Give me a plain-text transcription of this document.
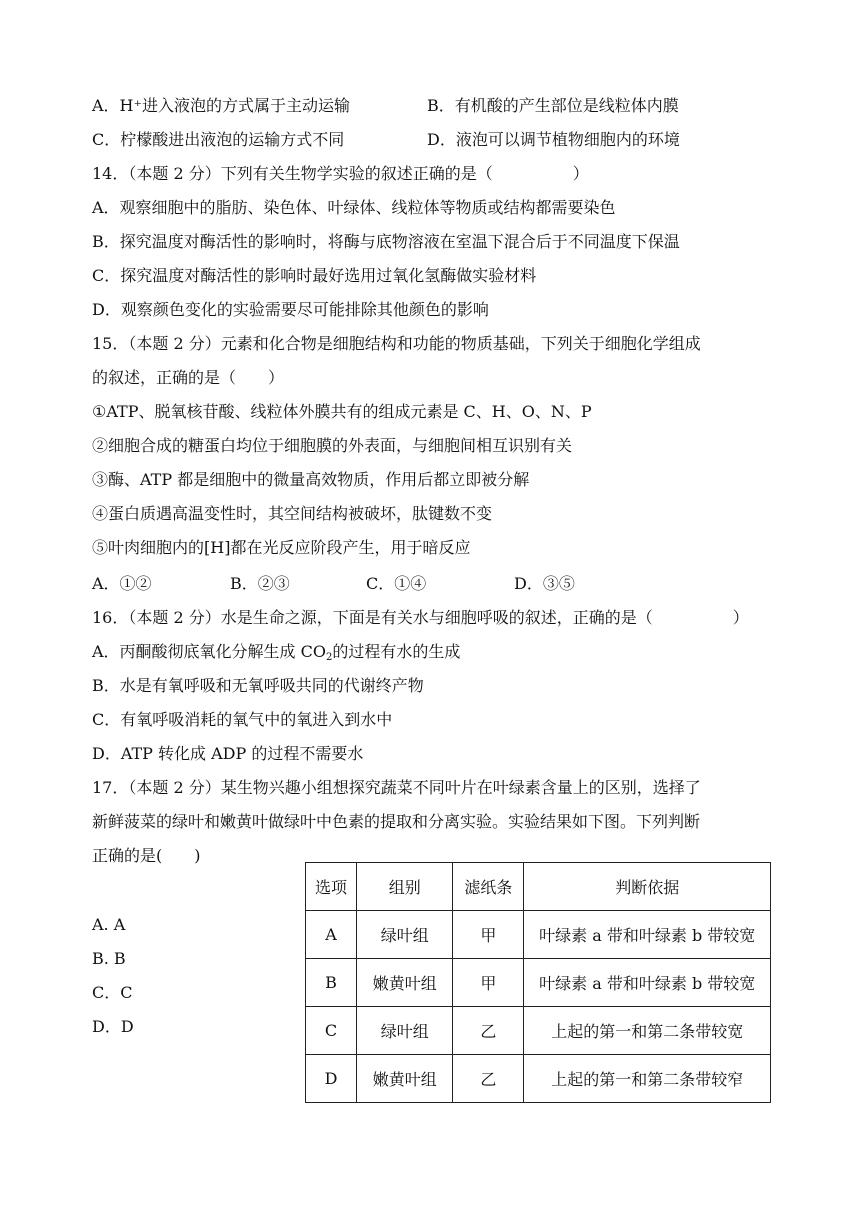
A．H⁺进入液泡的方式属于主动运输	B．有机酸的产生部位是线粒体内膜
C．柠檬酸进出液泡的运输方式不同	D．液泡可以调节植物细胞内的环境
14．（本题 2 分）下列有关生物学实验的叙述正确的是（　　　　　）
A．观察细胞中的脂肪、染色体、叶绿体、线粒体等物质或结构都需要染色
B．探究温度对酶活性的影响时，将酶与底物溶液在室温下混合后于不同温度下保温
C．探究温度对酶活性的影响时最好选用过氧化氢酶做实验材料
D．观察颜色变化的实验需要尽可能排除其他颜色的影响
15．（本题 2 分）元素和化合物是细胞结构和功能的物质基础，下列关于细胞化学组成
的叙述，正确的是（　　）
①ATP、脱氧核苷酸、线粒体外膜共有的组成元素是 C、H、O、N、P
②细胞合成的糖蛋白均位于细胞膜的外表面，与细胞间相互识别有关
③酶、ATP 都是细胞中的微量高效物质，作用后都立即被分解
④蛋白质遇高温变性时，其空间结构被破坏，肽键数不变
⑤叶肉细胞内的[H]都在光反应阶段产生，用于暗反应
A．①②	B．②③	C．①④	D．③⑤
16．（本题 2 分）水是生命之源，下面是有关水与细胞呼吸的叙述，正确的是（　　　　　）
A．丙酮酸彻底氧化分解生成 $CO_2$的过程有水的生成
B．水是有氧呼吸和无氧呼吸共同的代谢终产物
C．有氧呼吸消耗的氧气中的氧进入到水中
D．ATP 转化成 ADP 的过程不需要水
17．（本题 2 分）某生物兴趣小组想探究蔬菜不同叶片在叶绿素含量上的区别，选择了
新鲜菠菜的绿叶和嫩黄叶做绿叶中色素的提取和分离实验。实验结果如下图。下列判断
正确的是(　　)
A. A
B. B
C．C
D．D
选项	组别	滤纸条	判断依据
A	绿叶组	甲	叶绿素 a 带和叶绿素 b 带较宽
B	嫩黄叶组	甲	叶绿素 a 带和叶绿素 b 带较宽
C	绿叶组	乙	上起的第一和第二条带较宽
D	嫩黄叶组	乙	上起的第一和第二条带较窄
